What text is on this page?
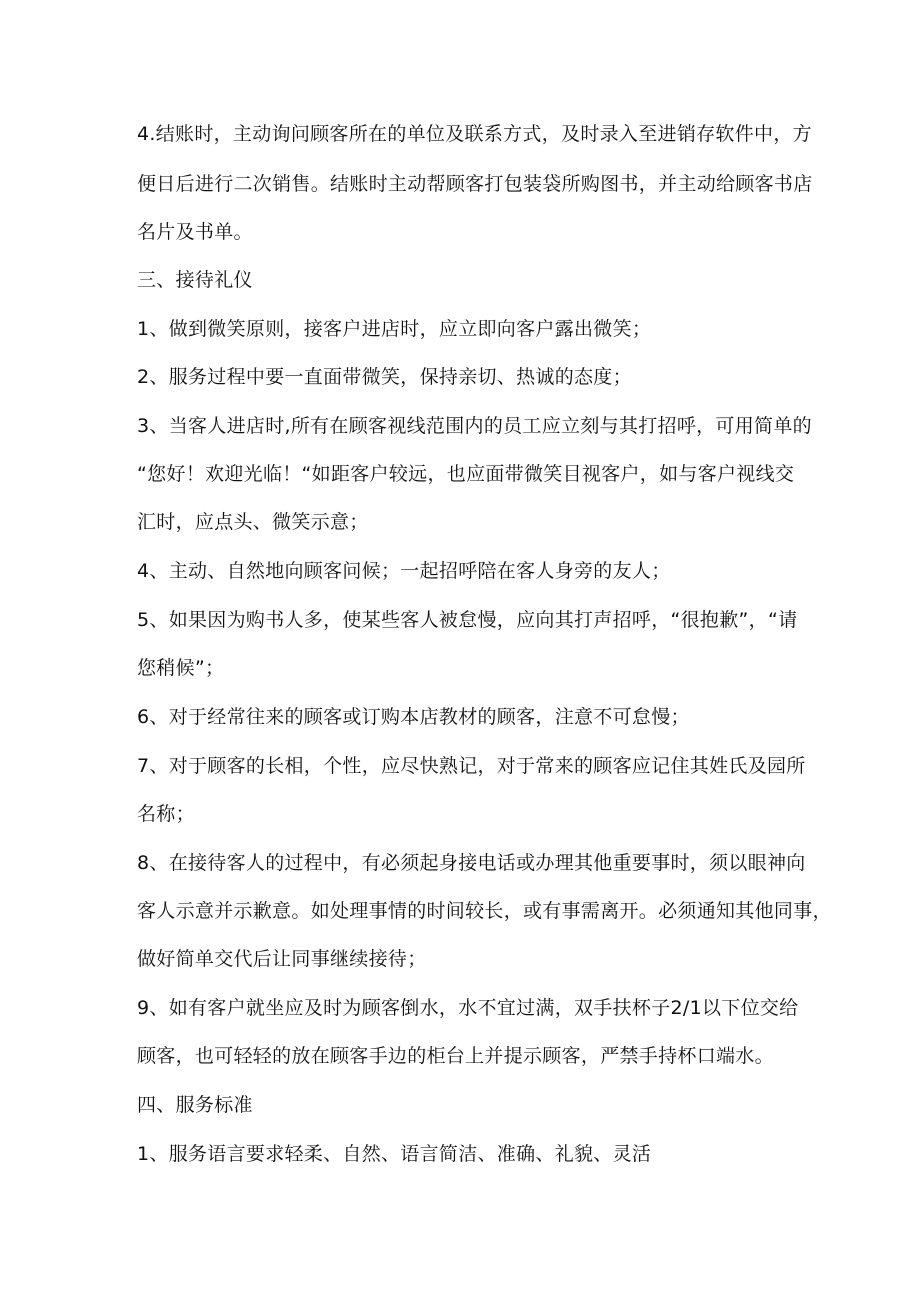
4.结账时，主动询问顾客所在的单位及联系方式，及时录入至进销存软件中，方
便日后进行二次销售。结账时主动帮顾客打包装袋所购图书，并主动给顾客书店
名片及书单。
三、接待礼仪
1、做到微笑原则，接客户进店时，应立即向客户露出微笑；
2、服务过程中要一直面带微笑，保持亲切、热诚的态度；
3、当客人进店时,所有在顾客视线范围内的员工应立刻与其打招呼，可用简单的
“您好！欢迎光临！“如距客户较远，也应面带微笑目视客户，如与客户视线交
汇时，应点头、微笑示意；
4、主动、自然地向顾客问候；一起招呼陪在客人身旁的友人；
5、如果因为购书人多，使某些客人被怠慢，应向其打声招呼，“很抱歉”，“请
您稍候”；
6、对于经常往来的顾客或订购本店教材的顾客，注意不可怠慢；
7、对于顾客的长相，个性，应尽快熟记，对于常来的顾客应记住其姓氏及园所
名称；
8、在接待客人的过程中，有必须起身接电话或办理其他重要事时，须以眼神向
客人示意并示歉意。如处理事情的时间较长，或有事需离开。必须通知其他同事，
做好简单交代后让同事继续接待；
9、如有客户就坐应及时为顾客倒水，水不宜过满，双手扶杯子2/1以下位交给
顾客，也可轻轻的放在顾客手边的柜台上并提示顾客，严禁手持杯口端水。
四、服务标准
1、服务语言要求轻柔、自然、语言简洁、准确、礼貌、灵活
